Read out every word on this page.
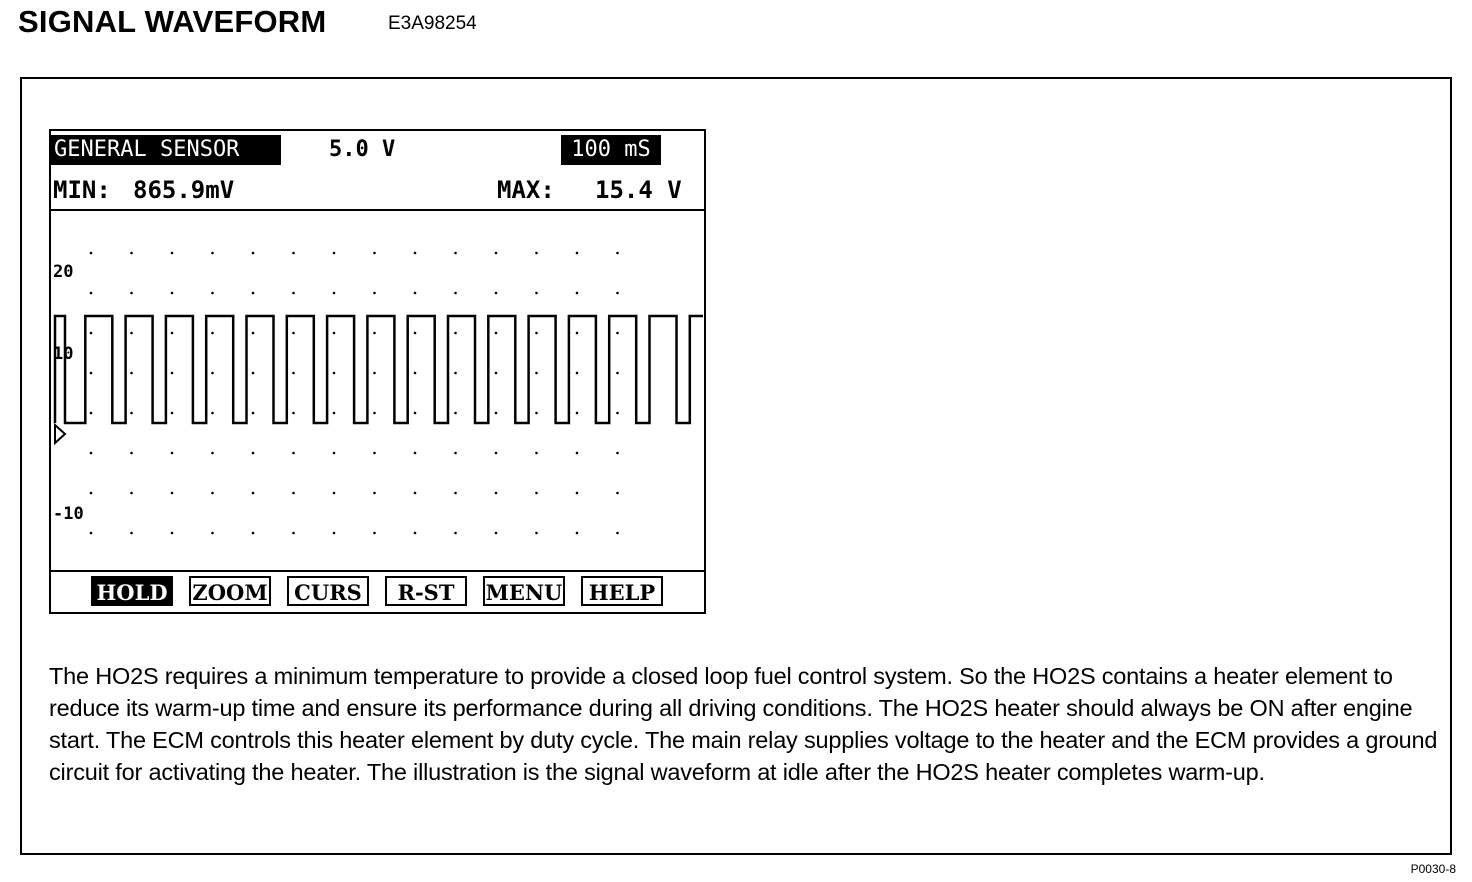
SIGNAL WAVEFORM	E3A98254
GENERAL SENSOR	5.0 V	100 mS
MIN: 865.9mV	MAX: 15.4 V
20
10
-10
HOLD ZOOM	CURS	R-ST	MENU	HELP
The HO2S requires a minimum temperature to provide a closed loop fuel control system. So the HO2S contains a heater element to reduce its warm-up time and ensure its performance during all driving conditions. The HO2S heater should always be ON after engine start. The ECM controls this heater element by duty cycle. The main relay supplies voltage to the heater and the ECM provides a ground circuit for activating the heater. The illustration is the signal waveform at idle after the HO2S heater completes warm-up.
P0030-8
